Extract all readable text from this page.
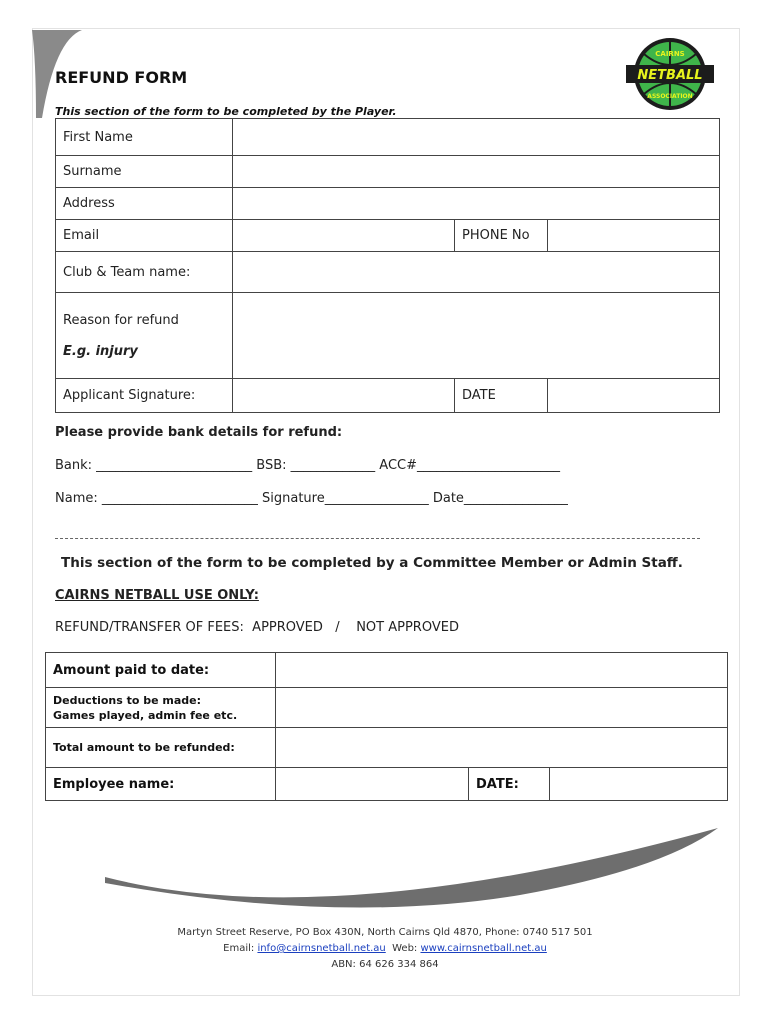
REFUND FORM
This section of the form to be completed by the Player.
NETBALL
CAIRNS
ASSOCIATION
First Name			
Surname			
Address			
Email		PHONE No	
Club & Team name:			

Reason for refund
E.g. injury			

Applicant Signature:		DATE	
Please provide bank details for refund:
Bank: ________________________ BSB: _____________ ACC#______________________
Name: ________________________ Signature________________ Date________________
This section of the form to be completed by a Committee Member or Admin Staff.
CAIRNS NETBALL USE ONLY:
REFUND/TRANSFER OF FEES:  APPROVED   /    NOT APPROVED
Amount paid to date:			

Deductions to be made:
Games played, admin fee etc.			

Total amount to be refunded:			
Employee name:		DATE:	
Martyn Street Reserve, PO Box 430N, North Cairns Qld 4870, Phone: 0740 517 501
Email: info@cairnsnetball.net.au  Web: www.cairnsnetball.net.au
ABN: 64 626 334 864
